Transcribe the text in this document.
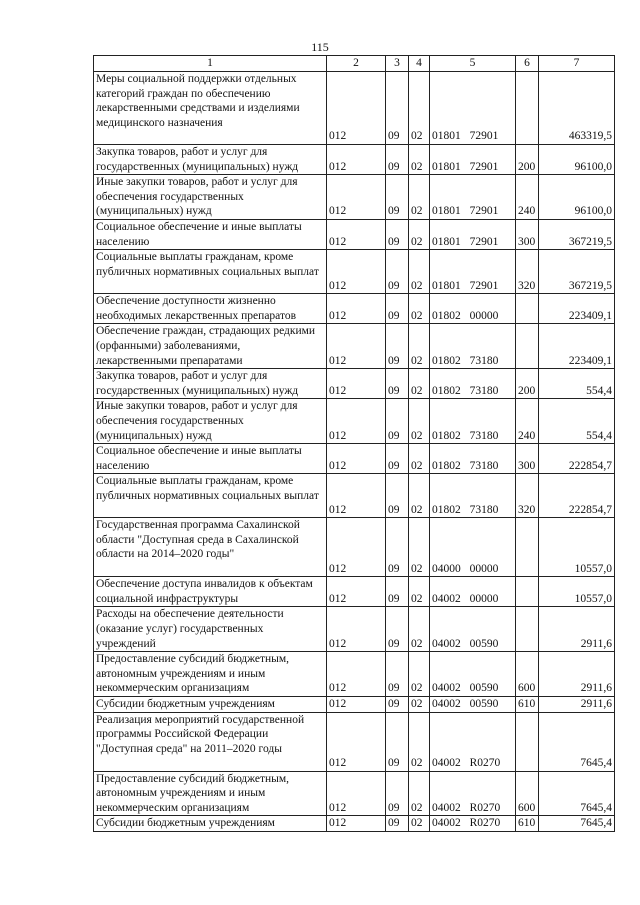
115
1	2	3	4	5	6	7
Меры социальной поддержки отдельных категорий граждан по обеспечению лекарственными средствами и изделиями медицинского назначения	012	09	02	01801 72901		463319,5
Закупка товаров, работ и услуг для государственных (муниципальных) нужд	012	09	02	01801 72901	200	96100,0
Иные закупки товаров, работ и услуг для обеспечения государственных (муниципальных) нужд	012	09	02	01801 72901	240	96100,0
Социальное обеспечение и иные выплаты населению	012	09	02	01801 72901	300	367219,5
Социальные выплаты гражданам, кроме публичных нормативных социальных выплат	012	09	02	01801 72901	320	367219,5
Обеспечение доступности жизненно необходимых лекарственных препаратов	012	09	02	01802 00000		223409,1
Обеспечение граждан, страдающих редкими (орфанными) заболеваниями, лекарственными препаратами	012	09	02	01802 73180		223409,1
Закупка товаров, работ и услуг для государственных (муниципальных) нужд	012	09	02	01802 73180	200	554,4
Иные закупки товаров, работ и услуг для обеспечения государственных (муниципальных) нужд	012	09	02	01802 73180	240	554,4
Социальное обеспечение и иные выплаты населению	012	09	02	01802 73180	300	222854,7
Социальные выплаты гражданам, кроме публичных нормативных социальных выплат	012	09	02	01802 73180	320	222854,7
Государственная программа Сахалинской области "Доступная среда в Сахалинской области на 2014–2020 годы"	012	09	02	04000 00000		10557,0
Обеспечение доступа инвалидов к объектам социальной инфраструктуры	012	09	02	04002 00000		10557,0
Расходы на обеспечение деятельности (оказание услуг) государственных учреждений	012	09	02	04002 00590		2911,6
Предоставление субсидий бюджетным, автономным учреждениям и иным некоммерческим организациям	012	09	02	04002 00590	600	2911,6
Субсидии бюджетным учреждениям	012	09	02	04002 00590	610	2911,6
Реализация мероприятий государственной программы Российской Федерации "Доступная среда" на 2011–2020 годы	012	09	02	04002 R0270		7645,4
Предоставление субсидий бюджетным, автономным учреждениям и иным некоммерческим организациям	012	09	02	04002 R0270	600	7645,4
Субсидии бюджетным учреждениям	012	09	02	04002 R0270	610	7645,4
